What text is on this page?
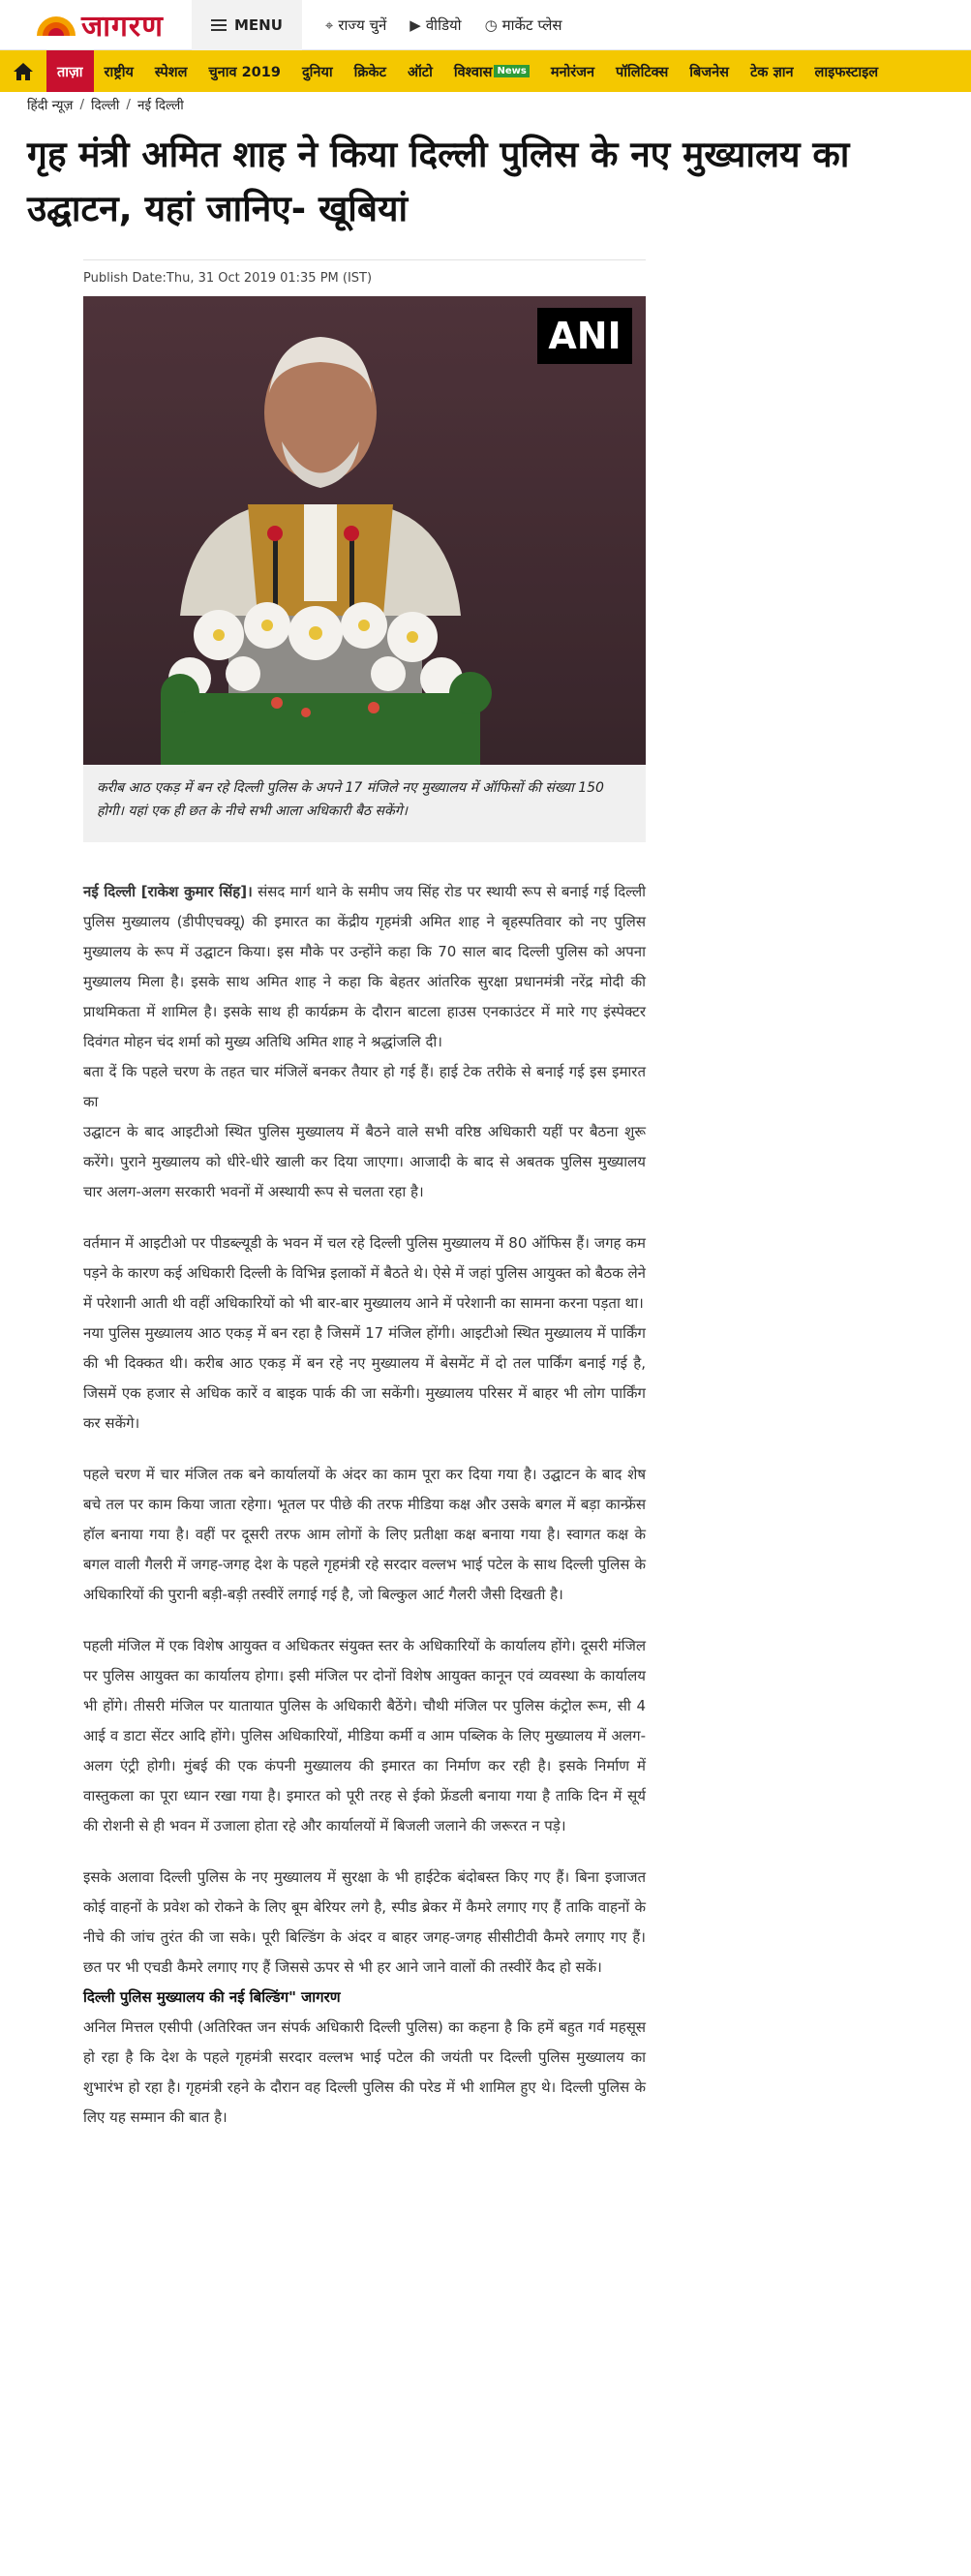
जागरण	MENU	⌖ राज्य चुनें ▶ वीडियो ◷ मार्केट प्लेस
ताज़ा	राष्ट्रीय	स्पेशल	चुनाव 2019	दुनिया	क्रिकेट	ऑटो	विश्वास News	मनोरंजन	पॉलिटिक्स	बिजनेस	टेक ज्ञान	लाइफस्टाइल
हिंदी न्यूज़ / दिल्ली / नई दिल्ली
गृह मंत्री अमित शाह ने किया दिल्ली पुलिस के नए मुख्यालय का उद्घाटन, यहां जानिए- खूबियां
Publish Date:Thu, 31 Oct 2019 01:35 PM (IST)
ANI
करीब आठ एकड़ में बन रहे दिल्ली पुलिस के अपने 17 मंजिले नए मुख्यालय में ऑफिसों की संख्या 150 होगी। यहां एक ही छत के नीचे सभी आला अधिकारी बैठ सकेंगे।

नई दिल्ली [राकेश कुमार सिंह]। संसद मार्ग थाने के समीप जय सिंह रोड पर स्थायी रूप से बनाई गई दिल्ली पुलिस मुख्यालय (डीपीएचक्यू) की इमारत का केंद्रीय गृहमंत्री अमित शाह ने बृहस्पतिवार को नए पुलिस मुख्यालय के रूप में उद्घाटन किया। इस मौके पर उन्होंने कहा कि 70 साल बाद दिल्ली पुलिस को अपना मुख्यालय मिला है। इसके साथ अमित शाह ने कहा कि बेहतर आंतरिक सुरक्षा प्रधानमंत्री नरेंद्र मोदी की प्राथमिकता में शामिल है। इसके साथ ही कार्यक्रम के दौरान बाटला हाउस एनकाउंटर में मारे गए इंस्पेक्टर दिवंगत मोहन चंद शर्मा को मुख्य अतिथि अमित शाह ने श्रद्धांजलि दी।

बता दें कि पहले चरण के तहत चार मंजिलें बनकर तैयार हो गई हैं। हाई टेक तरीके से बनाई गई इस इमारत का

उद्घाटन के बाद आइटीओ स्थित पुलिस मुख्यालय में बैठने वाले सभी वरिष्ठ अधिकारी यहीं पर बैठना शुरू करेंगे। पुराने मुख्यालय को धीरे-धीरे खाली कर दिया जाएगा। आजादी के बाद से अबतक पुलिस मुख्यालय चार अलग-अलग सरकारी भवनों में अस्थायी रूप से चलता रहा है।

वर्तमान में आइटीओ पर पीडब्ल्यूडी के भवन में चल रहे दिल्ली पुलिस मुख्यालय में 80 ऑफिस हैं। जगह कम पड़ने के कारण कई अधिकारी दिल्ली के विभिन्न इलाकों में बैठते थे। ऐसे में जहां पुलिस आयुक्त को बैठक लेने में परेशानी आती थी वहीं अधिकारियों को भी बार-बार मुख्यालय आने में परेशानी का सामना करना पड़ता था।

नया पुलिस मुख्यालय आठ एकड़ में बन रहा है जिसमें 17 मंजिल होंगी। आइटीओ स्थित मुख्यालय में पार्किंग की भी दिक्कत थी। करीब आठ एकड़ में बन रहे नए मुख्यालय में बेसमेंट में दो तल पार्किंग बनाई गई है, जिसमें एक हजार से अधिक कारें व बाइक पार्क की जा सकेंगी। मुख्यालय परिसर में बाहर भी लोग पार्किंग कर सकेंगे।

पहले चरण में चार मंजिल तक बने कार्यालयों के अंदर का काम पूरा कर दिया गया है। उद्घाटन के बाद शेष बचे तल पर काम किया जाता रहेगा। भूतल पर पीछे की तरफ मीडिया कक्ष और उसके बगल में बड़ा कान्फ्रेंस हॉल बनाया गया है। वहीं पर दूसरी तरफ आम लोगों के लिए प्रतीक्षा कक्ष बनाया गया है। स्वागत कक्ष के बगल वाली गैलरी में जगह-जगह देश के पहले गृहमंत्री रहे सरदार वल्लभ भाई पटेल के साथ दिल्ली पुलिस के अधिकारियों की पुरानी बड़ी-बड़ी तस्वीरें लगाई गई है, जो बिल्कुल आर्ट गैलरी जैसी दिखती है।

पहली मंजिल में एक विशेष आयुक्त व अधिकतर संयुक्त स्तर के अधिकारियों के कार्यालय होंगे। दूसरी मंजिल पर पुलिस आयुक्त का कार्यालय होगा। इसी मंजिल पर दोनों विशेष आयुक्त कानून एवं व्यवस्था के कार्यालय भी होंगे। तीसरी मंजिल पर यातायात पुलिस के अधिकारी बैठेंगे। चौथी मंजिल पर पुलिस कंट्रोल रूम, सी 4 आई व डाटा सेंटर आदि होंगे। पुलिस अधिकारियों, मीडिया कर्मी व आम पब्लिक के लिए मुख्यालय में अलग-अलग एंट्री होगी। मुंबई की एक कंपनी मुख्यालय की इमारत का निर्माण कर रही है। इसके निर्माण में वास्तुकला का पूरा ध्यान रखा गया है। इमारत को पूरी तरह से ईको फ्रेंडली बनाया गया है ताकि दिन में सूर्य की रोशनी से ही भवन में उजाला होता रहे और कार्यालयों में बिजली जलाने की जरूरत न पड़े।

इसके अलावा दिल्ली पुलिस के नए मुख्यालय में सुरक्षा के भी हाईटेक बंदोबस्त किए गए हैं। बिना इजाजत कोई वाहनों के प्रवेश को रोकने के लिए बूम बेरियर लगे है, स्पीड ब्रेकर में कैमरे लगाए गए हैं ताकि वाहनों के नीचे की जांच तुरंत की जा सके। पूरी बिल्डिंग के अंदर व बाहर जगह-जगह सीसीटीवी कैमरे लगाए गए हैं। छत पर भी एचडी कैमरे लगाए गए हैं जिससे ऊपर से भी हर आने जाने वालों की तस्वीरें कैद हो सकें।

दिल्ली पुलिस मुख्यालय की नई बिल्डिंग" जागरण

अनिल मित्तल एसीपी (अतिरिक्त जन संपर्क अधिकारी दिल्ली पुलिस) का कहना है कि हमें बहुत गर्व महसूस हो रहा है कि देश के पहले गृहमंत्री सरदार वल्लभ भाई पटेल की जयंती पर दिल्ली पुलिस मुख्यालय का शुभारंभ हो रहा है। गृहमंत्री रहने के दौरान वह दिल्ली पुलिस की परेड में भी शामिल हुए थे। दिल्ली पुलिस के लिए यह सम्मान की बात है।
